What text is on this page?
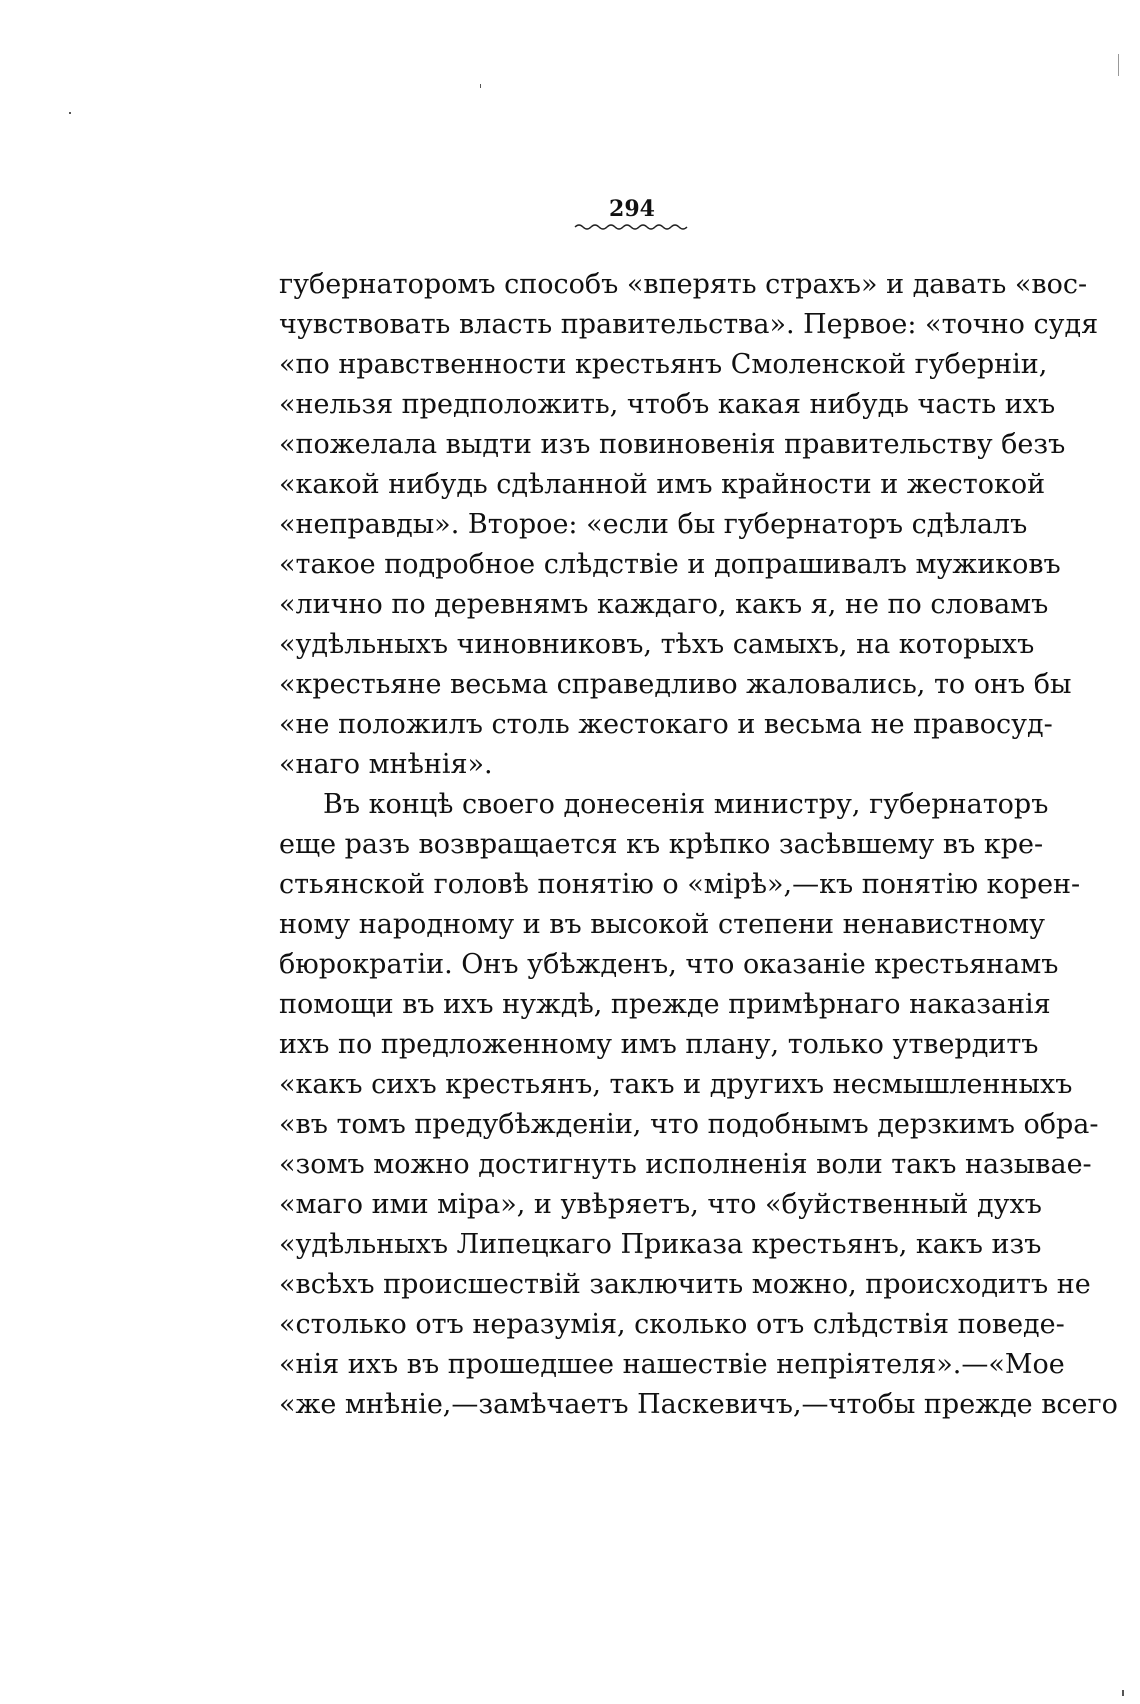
294
губернаторомъ способъ «вперять страхъ» и давать «вос-
чувствовать власть правительства». Первое: «точно судя
«по нравственности крестьянъ Смоленской губерніи,
«нельзя предположить, чтобъ какая нибудь часть ихъ
«пожелала выдти изъ повиновенія правительству безъ
«какой нибудь сдѣланной имъ крайности и жестокой
«неправды». Второе: «если бы губернаторъ сдѣлалъ
«такое подробное слѣдствіе и допрашивалъ мужиковъ
«лично по деревнямъ каждаго, какъ я, не по словамъ
«удѣльныхъ чиновниковъ, тѣхъ самыхъ, на которыхъ
«крестьяне весьма справедливо жаловались, то онъ бы
«не положилъ столь жестокаго и весьма не правосуд-
«наго мнѣнія».
Въ концѣ своего донесенія министру, губернаторъ
еще разъ возвращается къ крѣпко засѣвшему въ кре-
стьянской головѣ понятію о «мірѣ»,—къ понятію корен-
ному народному и въ высокой степени ненавистному
бюрократіи. Онъ убѣжденъ, что оказаніе крестьянамъ
помощи въ ихъ нуждѣ, прежде примѣрнаго наказанія
ихъ по предложенному имъ плану, только утвердитъ
«какъ сихъ крестьянъ, такъ и другихъ несмышленныхъ
«въ томъ предубѣжденіи, что подобнымъ дерзкимъ обра-
«зомъ можно достигнуть исполненія воли такъ называе-
«маго ими міра», и увѣряетъ, что «буйственный духъ
«удѣльныхъ Липецкаго Приказа крестьянъ, какъ изъ
«всѣхъ происшествій заключить можно, происходитъ не
«столько отъ неразумія, сколько отъ слѣдствія поведе-
«нія ихъ въ прошедшее нашествіе непріятеля».—«Мое
«же мнѣніе,—замѣчаетъ Паскевичъ,—чтобы прежде всего
